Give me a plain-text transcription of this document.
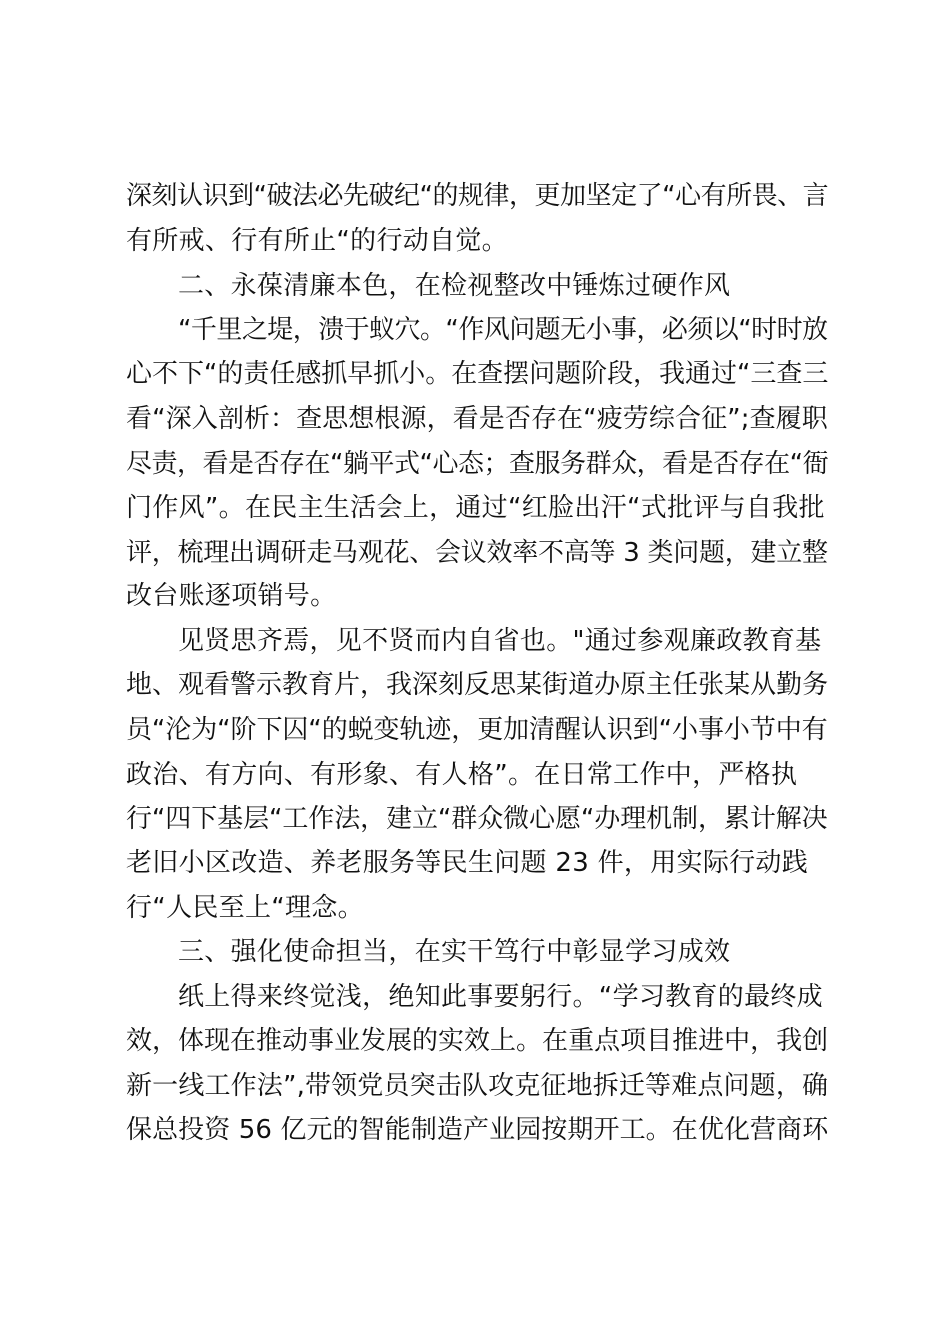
深刻认识到“破法必先破纪“的规律，更加坚定了“心有所畏、言
有所戒、行有所止“的行动自觉。
二、永葆清廉本色，在检视整改中锤炼过硬作风
“千里之堤，溃于蚁穴。“作风问题无小事，必须以“时时放
心不下“的责任感抓早抓小。在查摆问题阶段，我通过“三查三
看“深入剖析：查思想根源，看是否存在“疲劳综合征”;查履职
尽责，看是否存在“躺平式“心态；查服务群众，看是否存在“衙
门作风”。在民主生活会上，通过“红脸出汗“式批评与自我批
评，梳理出调研走马观花、会议效率不高等 3 类问题，建立整
改台账逐项销号。
见贤思齐焉，见不贤而内自省也。"通过参观廉政教育基
地、观看警示教育片，我深刻反思某街道办原主任张某从勤务
员“沦为“阶下囚“的蜕变轨迹，更加清醒认识到“小事小节中有
政治、有方向、有形象、有人格”。在日常工作中，严格执
行“四下基层“工作法，建立“群众微心愿“办理机制，累计解决
老旧小区改造、养老服务等民生问题 23 件，用实际行动践
行“人民至上“理念。
三、强化使命担当，在实干笃行中彰显学习成效
纸上得来终觉浅，绝知此事要躬行。“学习教育的最终成
效，体现在推动事业发展的实效上。在重点项目推进中，我创
新一线工作法”,带领党员突击队攻克征地拆迁等难点问题，确
保总投资 56 亿元的智能制造产业园按期开工。在优化营商环
